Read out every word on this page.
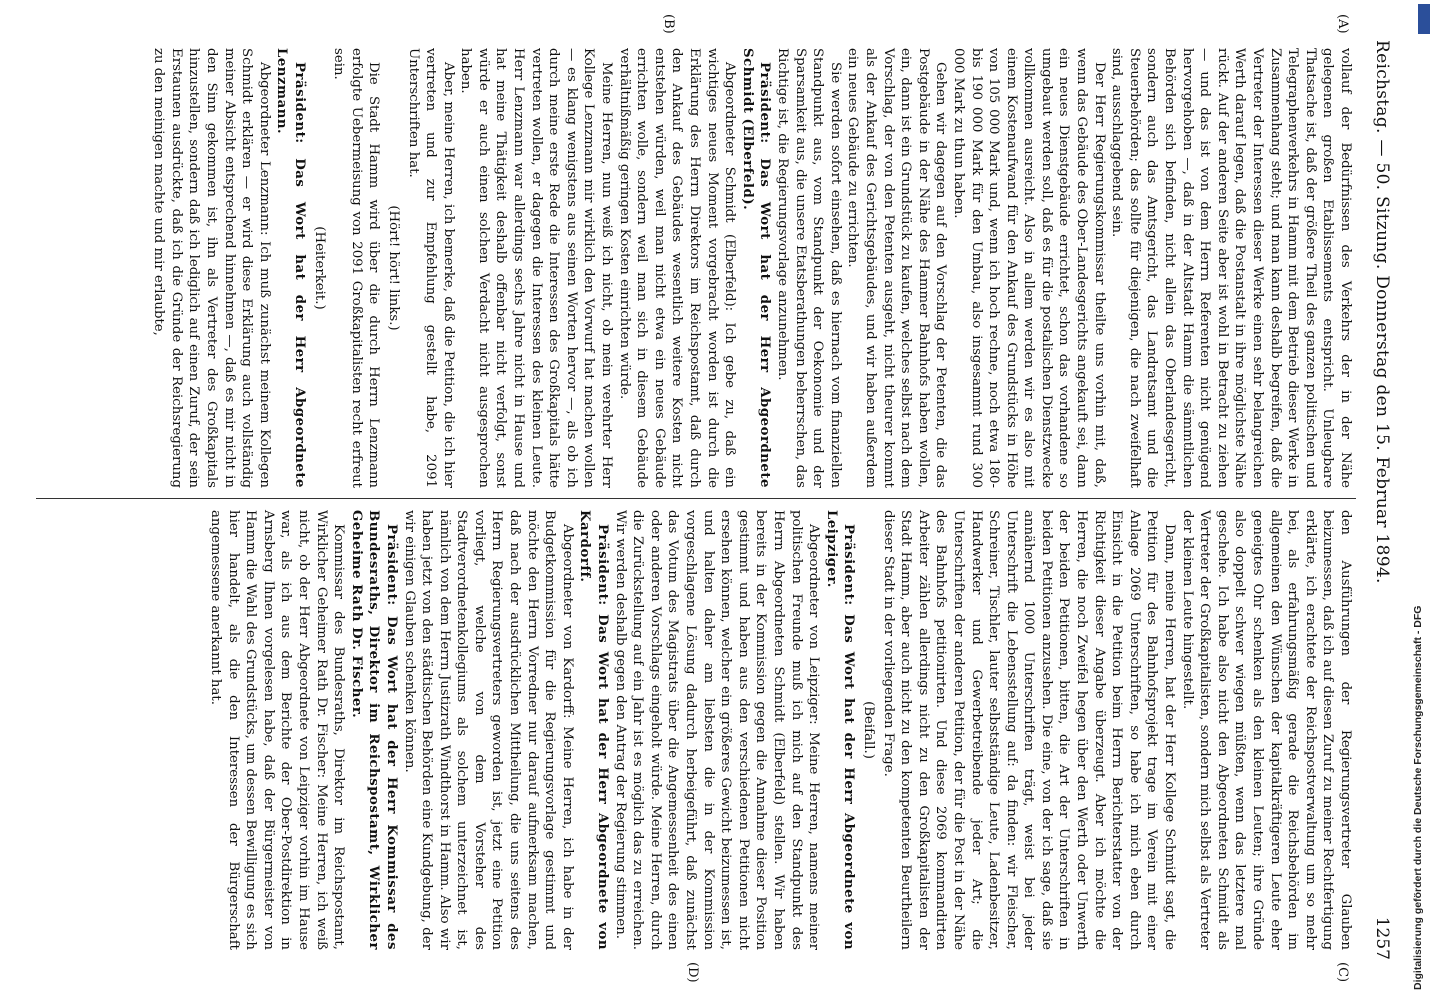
Reichstag. — 50. Sitzung. Donnerstag den 15. Februar 1894.
1257
(A)
(B)
(C)
(D)

vollauf der Bedürfnissen des Verkehrs der in der Nähe gelegenen großen Etablissements entspricht. Unleugbare Thatsache ist, daß der größere Theil des ganzen politischen und Telegraphenverkehrs in Hamm mit dem Betrieb dieser Werke in Zusammenhang steht; und man kann deshalb begreifen, daß die Vertreter der Interessen dieser Werke einen sehr belangreichen Werth darauf legen, daß die Postanstalt in ihre möglichste Nähe rückt. Auf der anderen Seite aber ist wohl in Betracht zu ziehen — und das ist von dem Herrn Referenten nicht genügend hervorgehoben —, daß in der Altstadt Hamm die sämmtlichen Behörden sich befinden, nicht allein das Oberlandesgericht, sondern auch das Amtsgericht, das Landratsamt und die Steuerbehörden; das sollte für diejenigen, die nach zweifelhaft sind, ausschlaggebend sein.

Der Herr Regierungskommissar theilte uns vorhin mit, daß, wenn das Gebäude des Ober-Landesgerichts angekauft sei, dann ein neues Dienstgebäude errichtet, schon das vorhandene so umgebaut werden soll, daß es für die postalischen Dienstzwecke vollkommen ausreicht. Also in allem werden wir es also mit einem Kostenaufwand für den Ankauf des Grundstücks in Höhe von 105 000 Mark und, wenn ich hoch rechne, noch etwa 180- bis 190 000 Mark für den Umbau, also insgesammt rund 300 000 Mark zu thun haben.

Gehen wir dagegen auf den Vorschlag der Petenten, die das Postgebäude in der Nähe des Hammer Bahnhofs haben wollen, ein, dann ist ein Grundstück zu kaufen, welches selbst nach dem Vorschlag, der von den Petenten ausgeht, nicht theurer kommt als der Ankauf des Gerichtsgebäudes, und wir haben außerdem ein neues Gebäude zu errichten.

Sie werden sofort einsehen, daß es hiernach vom finanziellen Standpunkt aus, vom Standpunkt der Oekonomie und der Sparsamkeit aus, die unsere Etatsberathungen beherrschen, das Richtige ist, die Regierungsvorlage anzunehmen.

Präsident: Das Wort hat der Herr Abgeordnete Schmidt (Elberfeld).

Abgeordneter Schmidt (Elberfeld): Ich gebe zu, daß ein wichtiges neues Moment vorgebracht worden ist durch die Erklärung des Herrn Direktors im Reichspostamt, daß durch den Ankauf des Gebäudes wesentlich weitere Kosten nicht entstehen würden, weil man nicht etwa ein neues Gebäude errichten wolle, sondern weil man sich in diesem Gebäude verhältnißmäßig geringen Kosten einrichten würde.

Meine Herren, nun weiß ich nicht, ob mein verehrter Herr Kollege Lenzmann mir wirklich den Vorwurf hat machen wollen — es klang wenigstens aus seinen Worten hervor —, als ob ich durch meine erste Rede die Interessen des Großkapitals hätte vertreten wollen, er dagegen die Interessen des kleinen Leute. Herr Lenzmann war allerdings sechs Jahre nicht in Hause und hat meine Thätigkeit deshalb offenbar nicht verfolgt, sonst würde er auch einen solchen Verdacht nicht ausgesprochen haben.

Aber, meine Herren, ich bemerke, daß die Petition, die ich hier vertreten und zur Empfehlung gestellt habe, 2091 Unterschriften hat.

(Hört! hört! links.)

Die Stadt Hamm wird über die durch Herrn Lenzmann erfolgte Uebermeisung von 2091 Großkapitalisten recht erfreut sein.

(Heiterkeit.)

Präsident: Das Wort hat der Herr Abgeordnete Lenzmann.

Abgeordneter Lenzmann: Ich muß zunächst meinem Kollegen Schmidt erklären — er wird diese Erklärung auch vollständig meiner Absicht entsprechend hinnehmen —, daß es mir nicht in den Sinn gekommen ist, ihn als Vertreter des Großkapitals hinzustellen, sondern daß ich lediglich auf einen Zuruf, der sein Erstaunen ausdrückte, daß ich die Gründe der Reichsregierung zu den meinigen machte und mir erlaubte,

den Ausführungen der Regierungsvertreter Glauben beizumessen, daß ich auf diesen Zuruf zu meiner Rechtfertigung erklärte, ich erachtete der Reichspostverwaltung um so mehr bei, als erfahrungsmäßig gerade die Reichsbehörden im allgemeinen den Wünschen der kapitalkräftigeren Leute eher geneigtes Ohr schenken als den kleinen Leuten; ihre Gründe also doppelt schwer wiegen müßten, wenn das letztere mal geschehe. Ich habe also nicht den Abgeordneten Schmidt als Vertreter der Großkapitalisten, sondern mich selbst als Vertreter der kleinen Leute hingestellt.

Dann, meine Herren, hat der Herr Kollege Schmidt sagt, die Petition für des Bahnhofsprojekt trage im Verein mit einer Anlage 2069 Unterschriften, so habe ich mich eben durch Einsicht in die Petition beim Herrn Berichterstatter von der Richtigkeit dieser Angabe überzeugt. Aber ich möchte die Herren, die noch Zweifel hegen über den Werth oder Unwerth der beiden Petitionen, bitten, die Art der Unterschriften in beiden Petitionen anzusehen. Die eine, von der ich sage, daß sie annähernd 1000 Unterschriften trägt, weist bei jeder Unterschrift die Lebensstellung auf: da finden: wir Fleischer, Schreiner, Tischler, lauter selbstständige Leute, Ladenbesitzer, Handwerker und Gewerbetreibende jeder Art; die Unterschriften der anderen Petition, der für die Post in der Nähe des Bahnhofs petitionirten. Und diese 2069 kommandirten Arbeiter zählen allerdings nicht zu den Großkapitalisten der Stadt Hamm, aber auch nicht zu den kompetenten Beurtheilern dieser Stadt in der vorliegenden Frage.

(Beifall.)

Präsident: Das Wort hat der Herr Abgeordnete von Leipziger.

Abgeordneter von Leipziger: Meine Herren, namens meiner politischen Freunde muß ich mich auf den Standpunkt des Herrn Abgeordneten Schmidt (Elberfeld) stellen. Wir haben bereits in der Kommission gegen die Annahme dieser Position gestimmt und haben aus den verschiedenen Petitionen nicht ersehen können, welcher ein größeres Gewicht beizumessen ist, und halten daher am liebsten die in der Kommission vorgeschlagene Lösung dadurch herbeigeführt, daß zunächst das Votum des Magistrats über die Angemessenheit des einen oder anderen Vorschlags eingeholt würde. Meine Herren, durch die Zurückstellung auf ein Jahr ist es möglich das zu erreichen. Wir werden deshalb gegen den Antrag der Regierung stimmen.

Präsident: Das Wort hat der Herr Abgeordnete von Kardorff.

Abgeordneter von Kardorff: Meine Herren, ich habe in der Budgetkommission für die Regierungsvorlage gestimmt und möchte den Herrn Vorredner nur darauf aufmerksam machen, daß nach der ausdrücklichen Mittheilung, die uns seitens des Herrn Regierungsvertreters geworden ist, jetzt eine Petition vorliegt, welche von dem Vorsteher des Stadtverordnetenkollegiums als solchem unterzeichnet ist, nämlich von dem Herrn Justizrath Windthorst in Hamm. Also wir haben jetzt von den städtischen Behörden eine Kundgebung, der wir einigen Glauben schenken können.

Präsident: Das Wort hat der Herr Kommissar des Bundesraths, Direktor im Reichspostamt, Wirklicher Geheime Rath Dr. Fischer.

Kommissar des Bundesraths, Direktor im Reichspostamt, Wirklicher Geheimer Rath Dr. Fischer: Meine Herren, ich weiß nicht, ob der Herr Abgeordnete von Leipziger vorhin im Hause war, als ich aus dem Berichte der Ober-Postdirektion in Arnsberg Ihnen vorgelesen habe, daß der Bürgermeister von Hamm die Wahl des Grundstücks, um dessen Bewilligung es sich hier handelt, als die den Interessen der Bürgerschaft angemessene anerkannt hat.	Digitalisierung gefördert durch die Deutsche Forschungsgemeinschaft - DFG
